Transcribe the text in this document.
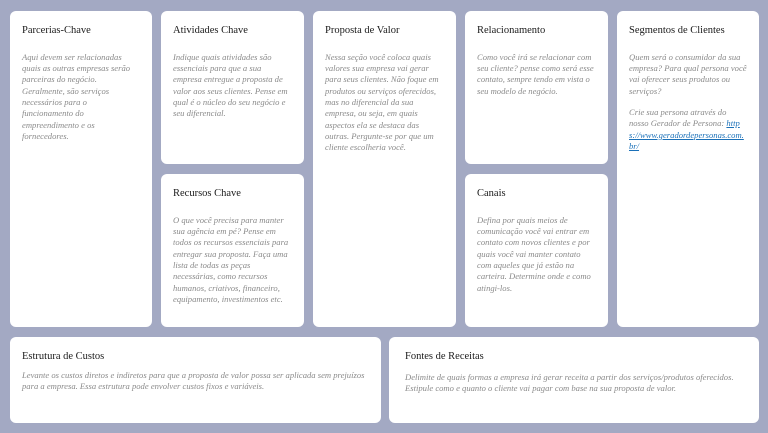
Parcerias-Chave

Aqui devem ser relacionadas quais as outras empresas serão parceiras do negócio. Geralmente, são serviços necessários para o funcionamento do empreendimento e os fornecedores.

Atividades Chave

Indique quais atividades são essenciais para que a sua empresa entregue a proposta de valor aos seus clientes. Pense em qual é o núcleo do seu negócio e seu diferencial.

Recursos Chave

O que você precisa para manter sua agência em pé? Pense em todos os recursos essenciais para entregar sua proposta. Faça uma lista de todas as peças necessárias, como recursos humanos, criativos, financeiro, equipamento, investimentos etc.

Proposta de Valor

Nessa seção você coloca quais valores sua empresa vai gerar para seus clientes. Não foque em produtos ou serviços oferecidos, mas no diferencial da sua empresa, ou seja, em quais aspectos ela se destaca das outras. Pergunte-se por que um cliente escolheria você.

Relacionamento

Como você irá se relacionar com seu cliente? pense como será esse contato, sempre tendo em vista o seu modelo de negócio.

Canais

Defina por quais meios de comunicação você vai entrar em contato com novos clientes e por quais você vai manter contato com aqueles que já estão na carteira. Determine onde e como atingi-los.

Segmentos de Clientes

Quem será o consumidor da sua empresa? Para qual persona você vai oferecer seus produtos ou serviços?

Crie sua persona através do nosso Gerador de Persona: https://www.geradordepersonas.com.br/

Estrutura de Custos

Levante os custos diretos e indiretos para que a proposta de valor possa ser aplicada sem prejuízos para a empresa. Essa estrutura pode envolver custos fixos e variáveis.

Fontes de Receitas

Delimite de quais formas a empresa irá gerar receita a partir dos serviços/produtos oferecidos. Estipule como e quanto o cliente vai pagar com base na sua proposta de valor.
